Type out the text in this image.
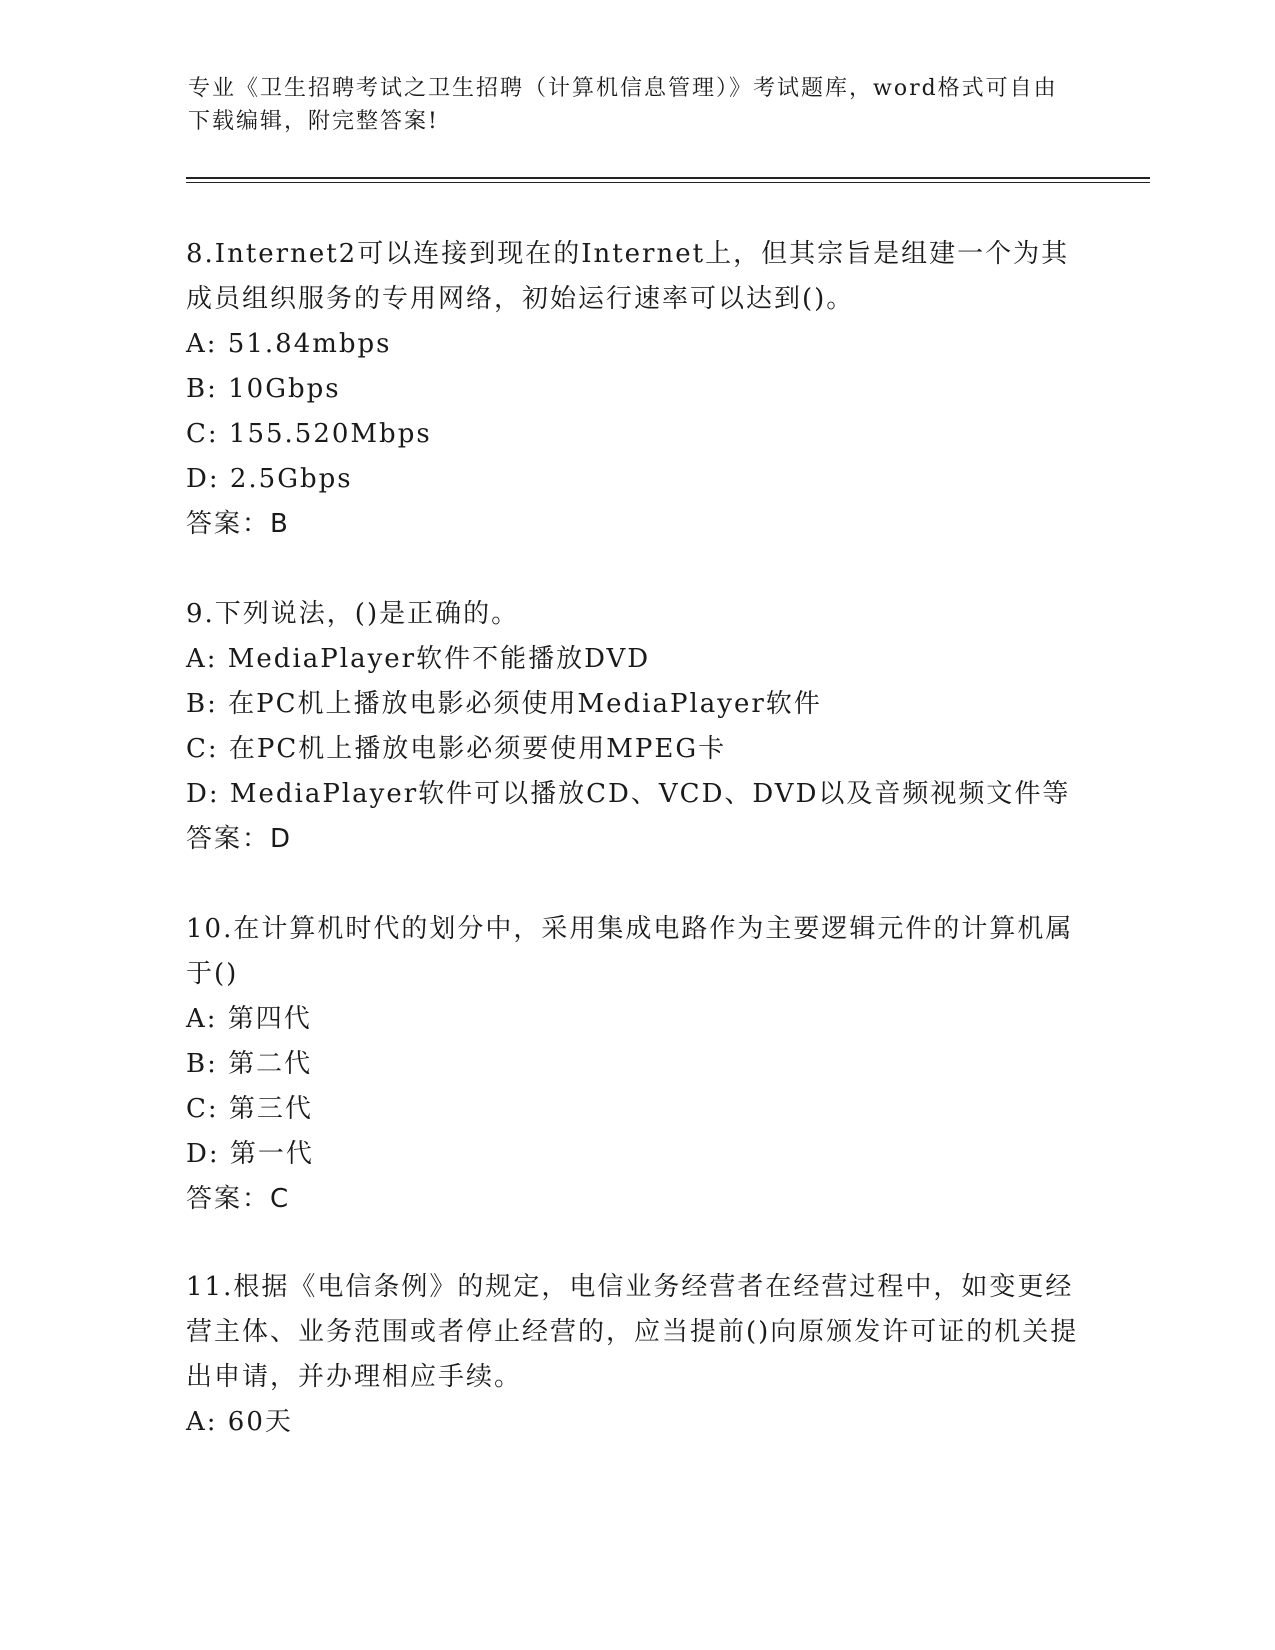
专业《卫生招聘考试之卫生招聘（计算机信息管理）》考试题库，word格式可自由下载编辑，附完整答案!

8.Internet2可以连接到现在的Internet上，但其宗旨是组建一个为其成员组织服务的专用网络，初始运行速率可以达到()。

A: 51.84mbps

B: 10Gbps

C: 155.520Mbps

D: 2.5Gbps

答案：B

9.下列说法，()是正确的。

A: MediaPlayer软件不能播放DVD

B: 在PC机上播放电影必须使用MediaPlayer软件

C: 在PC机上播放电影必须要使用MPEG卡

D: MediaPlayer软件可以播放CD、VCD、DVD以及音频视频文件等

答案：D

10.在计算机时代的划分中，采用集成电路作为主要逻辑元件的计算机属于()

A: 第四代

B: 第二代

C: 第三代

D: 第一代

答案：C

11.根据《电信条例》的规定，电信业务经营者在经营过程中，如变更经营主体、业务范围或者停止经营的，应当提前()向原颁发许可证的机关提出申请，并办理相应手续。

A: 60天
